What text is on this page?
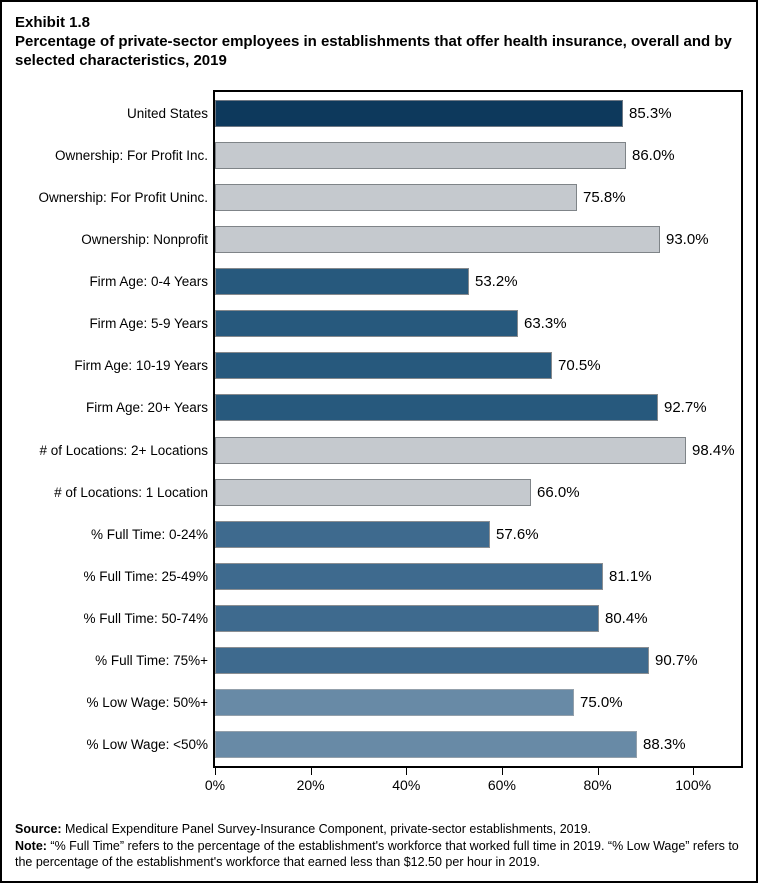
Exhibit 1.8
Percentage of private-sector employees in establishments that offer health insurance, overall and by selected characteristics, 2019
United States
Ownership: For Profit Inc.
Ownership: For Profit Uninc.
Ownership: Nonprofit
Firm Age: 0-4 Years
Firm Age: 5-9 Years
Firm Age: 10-19 Years
Firm Age: 20+ Years
# of Locations: 2+ Locations
# of Locations: 1 Location
% Full Time: 0-24%
% Full Time: 25-49%
% Full Time: 50-74%
% Full Time: 75%+
% Low Wage: 50%+
% Low Wage: <50%
85.3%
86.0%
75.8%
93.0%
53.2%
63.3%
70.5%
92.7%
98.4%
66.0%
57.6%
81.1%
80.4%
90.7%
75.0%
88.3%
0%	20%	40%	60%	80%	100%
Source: Medical Expenditure Panel Survey-Insurance Component, private-sector establishments, 2019.
Note: “% Full Time” refers to the percentage of the establishment's workforce that worked full time in 2019. “% Low Wage” refers to the percentage of the establishment's workforce that earned less than $12.50 per hour in 2019.
